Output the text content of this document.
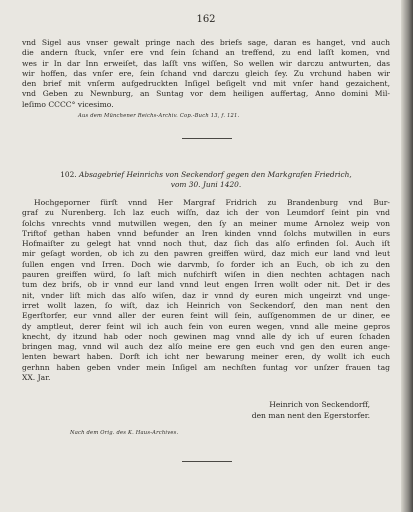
162
vnd Sigel aus vnser gewalt pringe nach des briefs sage, daran es hanget, vnd auch
die andern ſtuck, vnſer ere vnd ſein ſchand an treffend, zu end laſſt komen, vnd
wes ir In dar Inn erweiſet, das laſſt vns wiſſen, So wellen wir darczu antwurten, das
wir hoffen, das vnſer ere, ſein ſchand vnd darczu gleich ſey. Zu vrchund haben wir
den brief mit vnſerm aufgedruckten Inſigel beſigelt vnd mit vnſer hand gezaichent,
vnd Geben zu Newnburg, an Suntag vor dem heiligen auffertag, Anno domini Mil-
leſimo CCCC° vicesimo.
Aus dem Münchener Reichs-Archiv. Cop.-Buch 13, f. 121.
102. Absagebrief Heinrichs von Seckendorf gegen den Markgrafen Friedrich,
vom 30. Juni 1420.
Hochgeporner fürſt vnnd Her Margraf Fridrich zu Brandenburg vnd Bur-
graf zu Nurenberg. Ich laz euch wiſſn, daz ich der von Leumdorf ſeint pin vnd
ſolchs vnrechts vnnd mutwillen wegen, den ſy an meiner mume Arnolez weip von
Triftof gethan haben vnnd befunder an Iren kinden vnnd ſolchs mutwillen in eurs
Hofmaiſter zu gelegt hat vnnd noch thut, daz ſich das alſo erfinden ſol. Auch iſt
mir geſagt worden, ob ich zu den pawren greiffen würd, daz mich eur land vnd leut
ſullen engen vnd Irren. Doch wie darvmb, ſo forder ich an Euch, ob ich zu den
pauren greiffen würd, ſo laſt mich nufchirft wiſen in dien nechten achtagen nach
tum dez brifs, ob ir vnnd eur land vnnd leut engen Irren wollt oder nit. Det ir des
nit, vnder liſt mich das alſo wiſen, daz ir vnnd dy euren mich ungeirzt vnd unge-
irret wollt lazen, ſo wiſt, daz ich Heinrich von Seckendorf, den man nent den
Egerſtorfer, eur vnnd aller der euren feint will ſein, auſſgenommen de ur diner, ee
dy amptleut, derer feint wil ich auch fein von euren wegen, vnnd alle meine gepros
knecht, dy itzund hab oder noch gewinen mag vnnd alle dy ich uf euren ſchaden
bringen mag, vnnd wil auch dez alſo meine ere gen euch vnd gen den euren ange-
lenten bewart haben. Dorft ich icht ner bewarung meiner eren, dy wollt ich euch
gerhnn haben geben vnder mein Inſigel am nechſten funtag vor unſzer frauen tag
XX. Jar.
Heinrich von Seckendorff,
den man nent den Egerstorfer.
Nach dem Orig. des K. Haus-Archives.
